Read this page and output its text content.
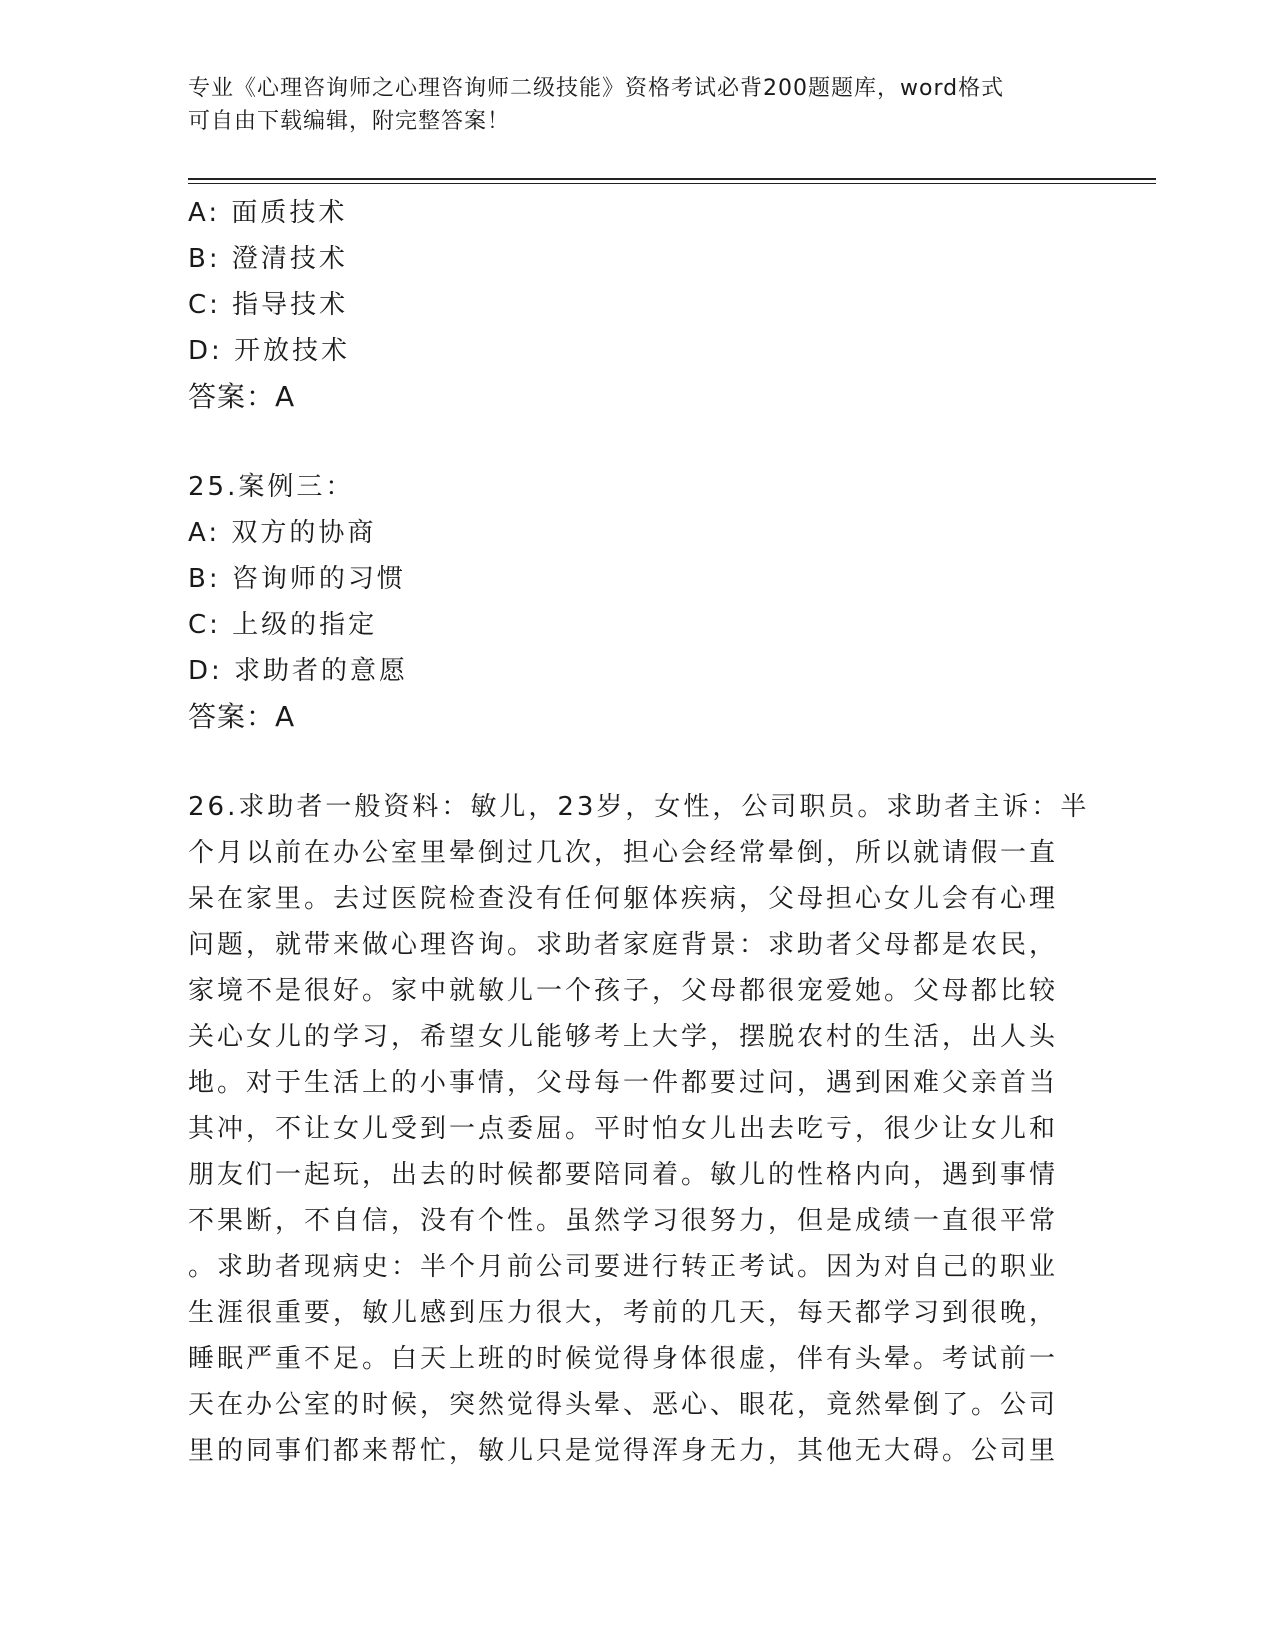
专业《心理咨询师之心理咨询师二级技能》资格考试必背200题题库，word格式
可自由下载编辑，附完整答案！
A: 面质技术
B: 澄清技术
C: 指导技术
D: 开放技术
答案：A
25.案例三：
A: 双方的协商
B: 咨询师的习惯
C: 上级的指定
D: 求助者的意愿
答案：A
26.求助者一般资料：敏儿，23岁，女性，公司职员。求助者主诉：半
个月以前在办公室里晕倒过几次，担心会经常晕倒，所以就请假一直
呆在家里。去过医院检查没有任何躯体疾病，父母担心女儿会有心理
问题，就带来做心理咨询。求助者家庭背景：求助者父母都是农民，
家境不是很好。家中就敏儿一个孩子，父母都很宠爱她。父母都比较
关心女儿的学习，希望女儿能够考上大学，摆脱农村的生活，出人头
地。对于生活上的小事情，父母每一件都要过问，遇到困难父亲首当
其冲，不让女儿受到一点委屈。平时怕女儿出去吃亏，很少让女儿和
朋友们一起玩，出去的时候都要陪同着。敏儿的性格内向，遇到事情
不果断，不自信，没有个性。虽然学习很努力，但是成绩一直很平常
。求助者现病史：半个月前公司要进行转正考试。因为对自己的职业
生涯很重要，敏儿感到压力很大，考前的几天，每天都学习到很晚，
睡眠严重不足。白天上班的时候觉得身体很虚，伴有头晕。考试前一
天在办公室的时候，突然觉得头晕、恶心、眼花，竟然晕倒了。公司
里的同事们都来帮忙，敏儿只是觉得浑身无力，其他无大碍。公司里
